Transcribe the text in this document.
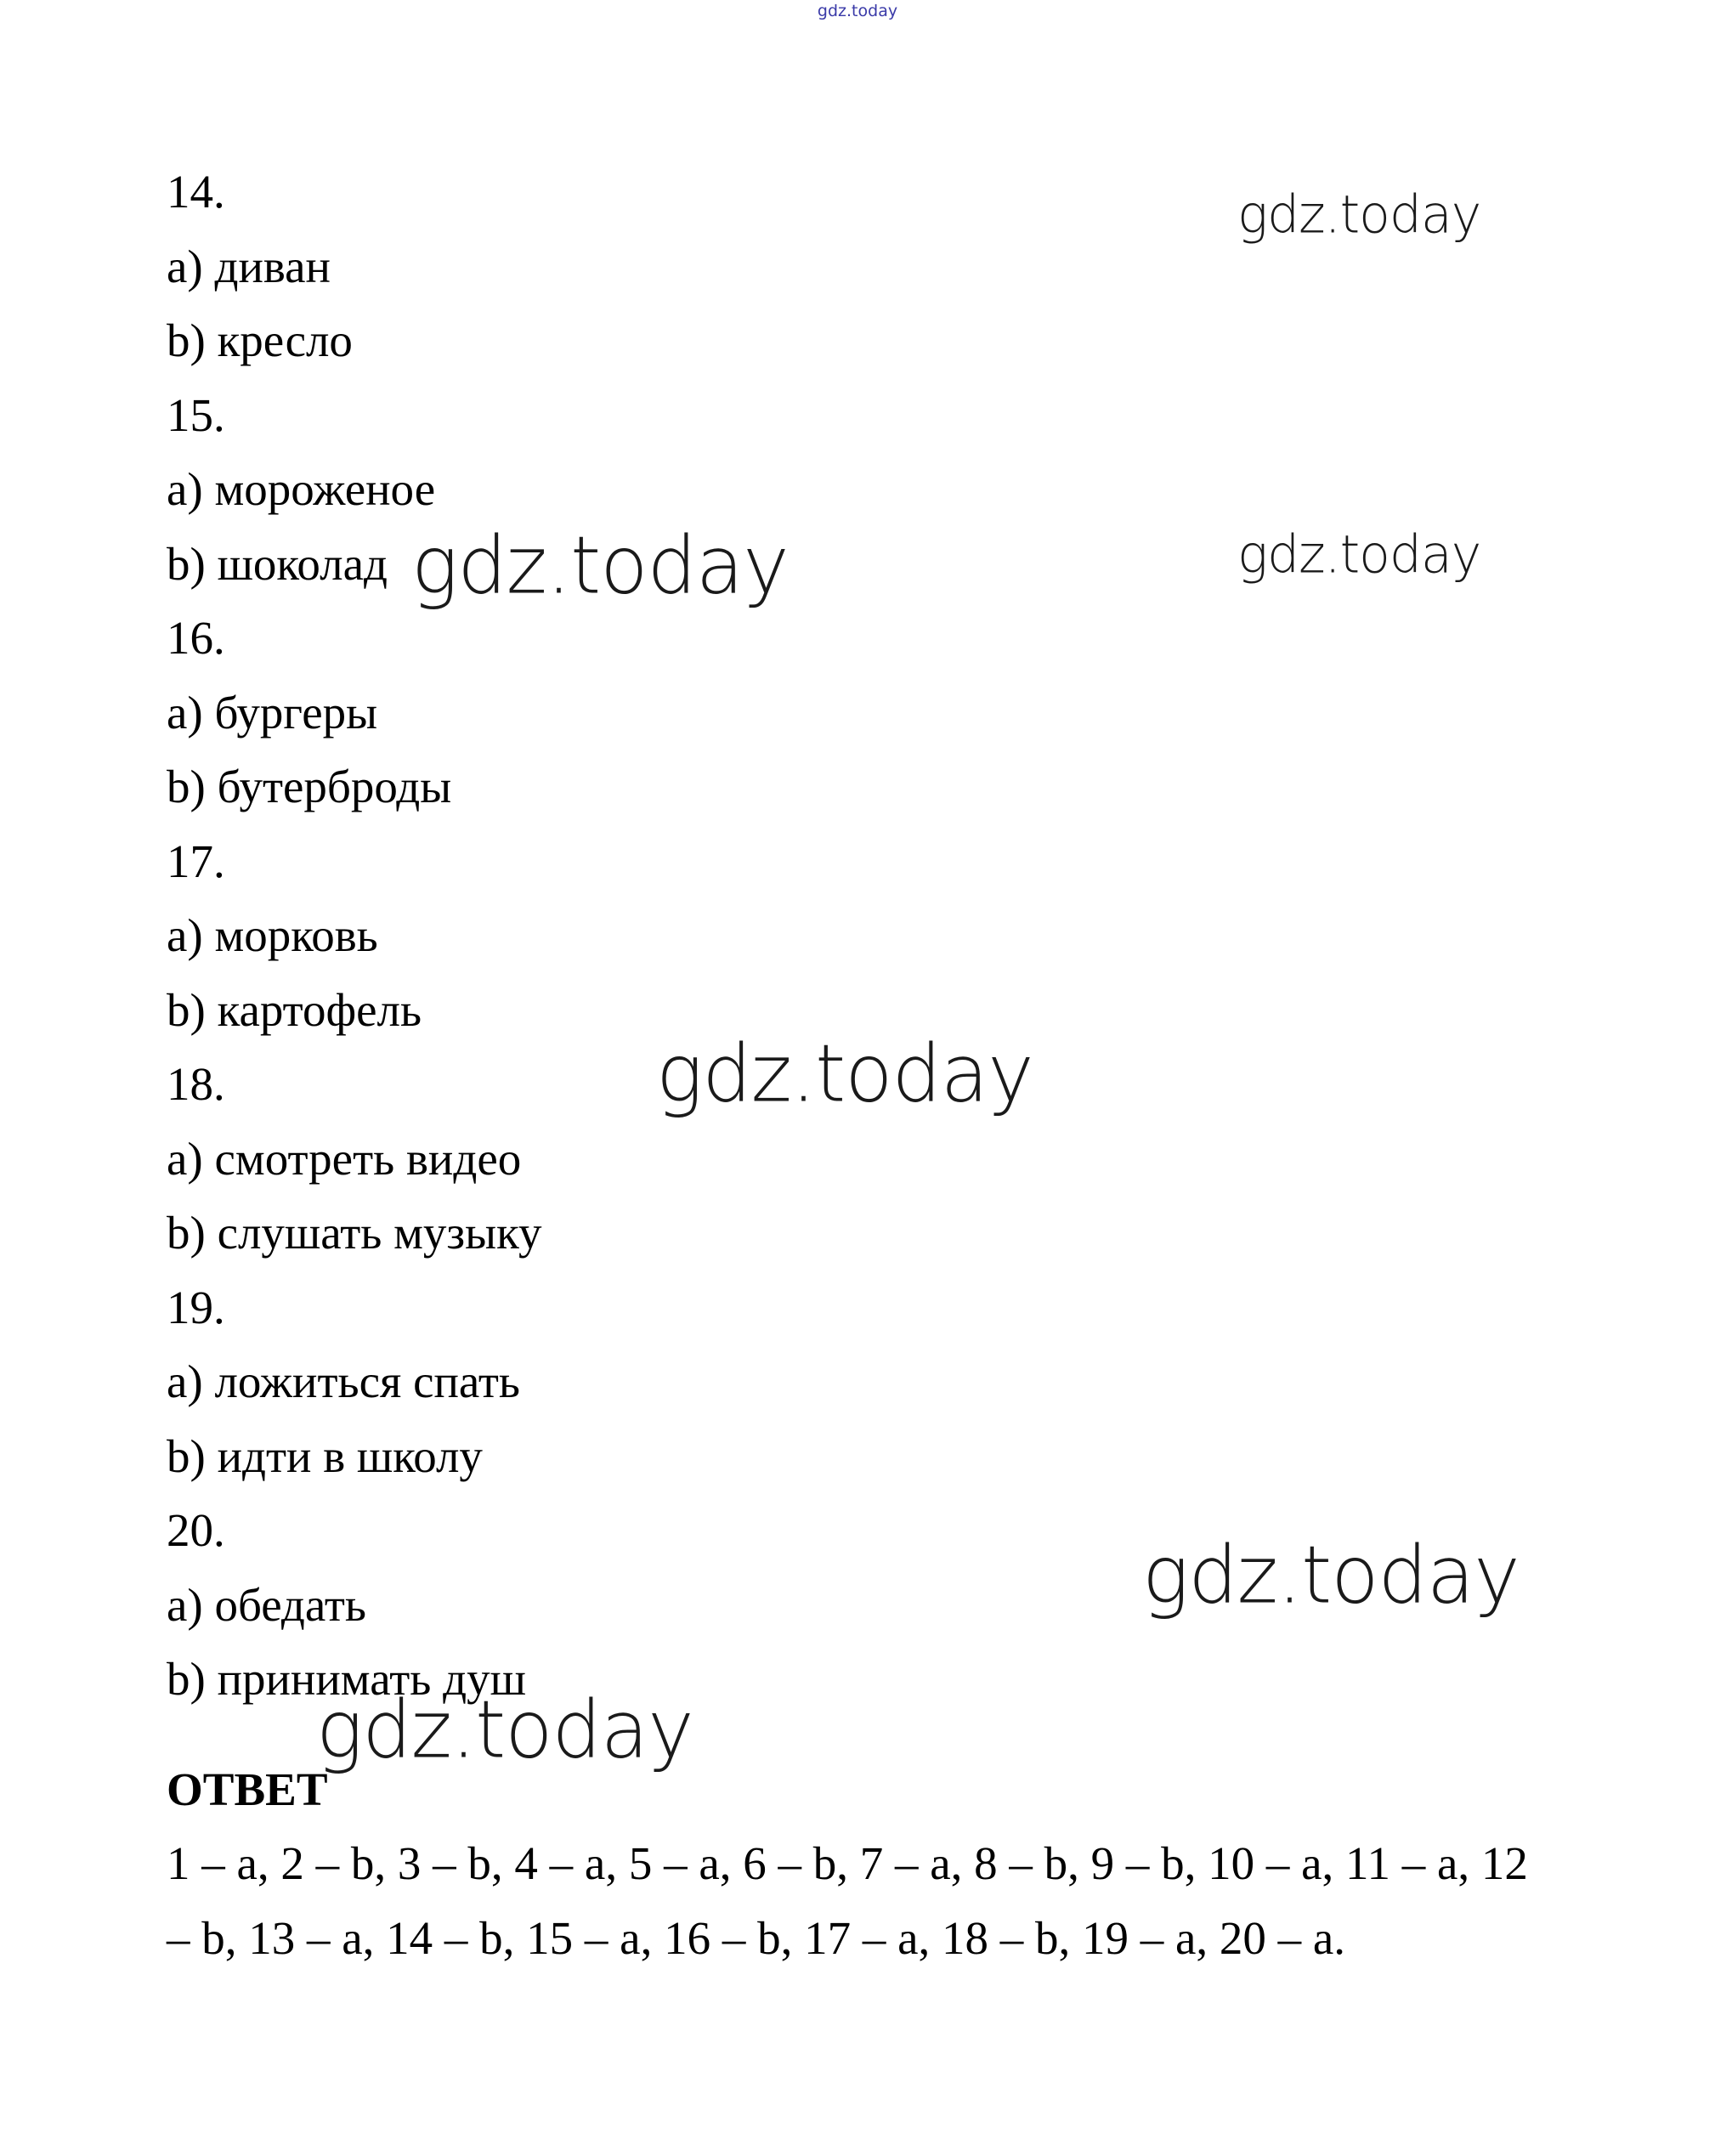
gdz.today
14.
a) диван
b) кресло
15.
a) мороженое
b) шоколад
16.
a) бургеры
b) бутерброды
17.
a) морковь
b) картофель
18.
a) смотреть видео
b) слушать музыку
19.
a) ложиться спать
b) идти в школу
20.
a) обедать
b) принимать душ
ОТВЕТ
1 – a, 2 – b, 3 – b, 4 – a, 5 – a, 6 – b, 7 – a, 8 – b, 9 – b, 10 – a, 11 – a, 12 – b, 13 – a, 14 – b, 15 – a, 16 – b, 17 – a, 18 – b, 19 – a, 20 – a.
gdz.today
gdz.today
gdz.today
gdz.today
gdz.today
gdz.today
